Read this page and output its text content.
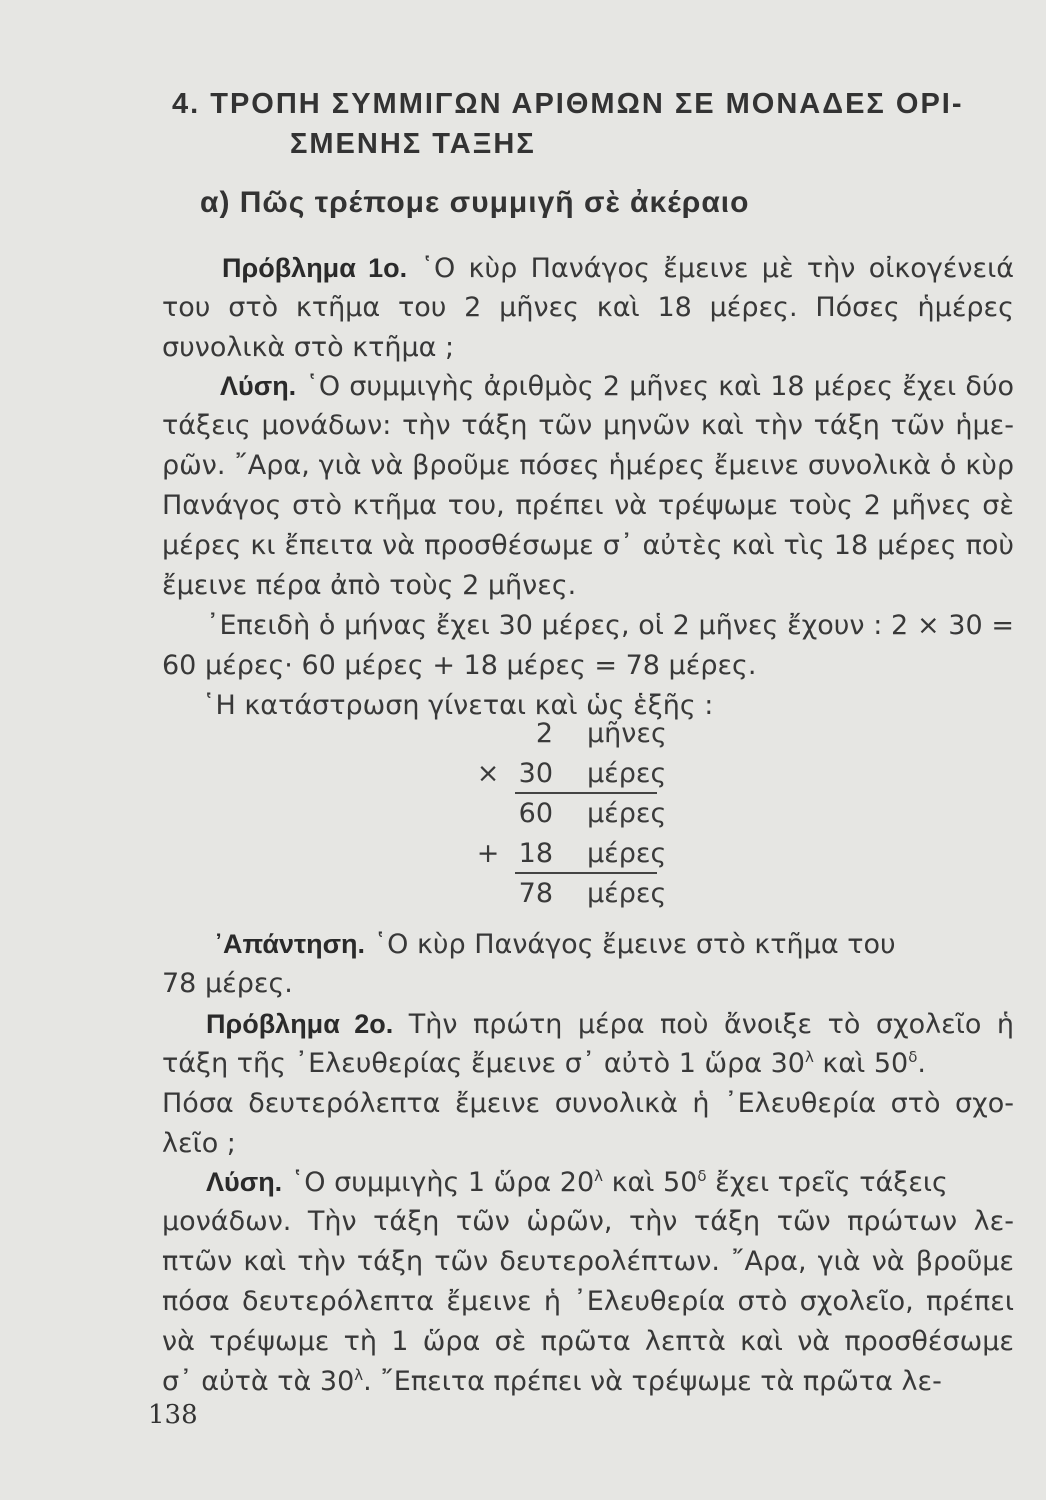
4. ΤΡΟΠΗ ΣΥΜΜΙΓΩΝ ΑΡΙΘΜΩΝ ΣΕ ΜΟΝΑΔΕΣ ΟΡΙ-
ΣΜΕΝΗΣ ΤΑΞΗΣ
α) Πῶς τρέπομε συμμιγῆ σὲ ἀκέραιο
Πρόβλημα 1ο. ῾Ο κὺρ Πανάγος ἔμεινε μὲ τὴν οἰκογένειά
του στὸ κτῆμα του 2 μῆνες καὶ 18 μέρες. Πόσες ἡμέρες
συνολικὰ στὸ κτῆμα ;
Λύση. ῾Ο συμμιγὴς ἀριθμὸς 2 μῆνες καὶ 18 μέρες ἔχει δύο
τάξεις μονάδων: τὴν τάξη τῶν μηνῶν καὶ τὴν τάξη τῶν ἡμε-
ρῶν. ῎Αρα, γιὰ νὰ βροῦμε πόσες ἡμέρες ἔμεινε συνολικὰ ὁ κὺρ
Πανάγος στὸ κτῆμα του, πρέπει νὰ τρέψωμε τοὺς 2 μῆνες σὲ
μέρες κι ἔπειτα νὰ προσθέσωμε σ᾽ αὐτὲς καὶ τὶς 18 μέρες ποὺ
ἔμεινε πέρα ἀπὸ τοὺς 2 μῆνες.
᾽Επειδὴ ὁ μήνας ἔχει 30 μέρες, οἱ 2 μῆνες ἔχουν : 2 × 30 =
60 μέρες· 60 μέρες + 18 μέρες = 78 μέρες.
῾Η κατάστρωση γίνεται καὶ ὡς ἑξῆς :
2 μῆνες
× 30 μέρες
60 μέρες
+ 18 μέρες
78 μέρες
᾽Απάντηση. ῾Ο κὺρ Πανάγος ἔμεινε στὸ κτῆμα του
78 μέρες.
Πρόβλημα 2ο. Τὴν πρώτη μέρα ποὺ ἄνοιξε τὸ σχολεῖο ἡ
τάξη τῆς ᾽Ελευθερίας ἔμεινε σ᾽ αὐτὸ 1 ὥρα $30^\lambda$ καὶ $50^\delta$.
Πόσα δευτερόλεπτα ἔμεινε συνολικὰ ἡ ᾽Ελευθερία στὸ σχο-
λεῖο ;
Λύση. ῾Ο συμμιγὴς 1 ὥρα $20^\lambda$ καὶ $50^\delta$ ἔχει τρεῖς τάξεις
μονάδων. Τὴν τάξη τῶν ὡρῶν, τὴν τάξη τῶν πρώτων λε-
πτῶν καὶ τὴν τάξη τῶν δευτερολέπτων. ῎Αρα, γιὰ νὰ βροῦμε
πόσα δευτερόλεπτα ἔμεινε ἡ ᾽Ελευθερία στὸ σχολεῖο, πρέπει
νὰ τρέψωμε τὴ 1 ὥρα σὲ πρῶτα λεπτὰ καὶ νὰ προσθέσωμε
σ᾽ αὐτὰ τὰ $30^\lambda$. ῎Επειτα πρέπει νὰ τρέψωμε τὰ πρῶτα λε-
138
